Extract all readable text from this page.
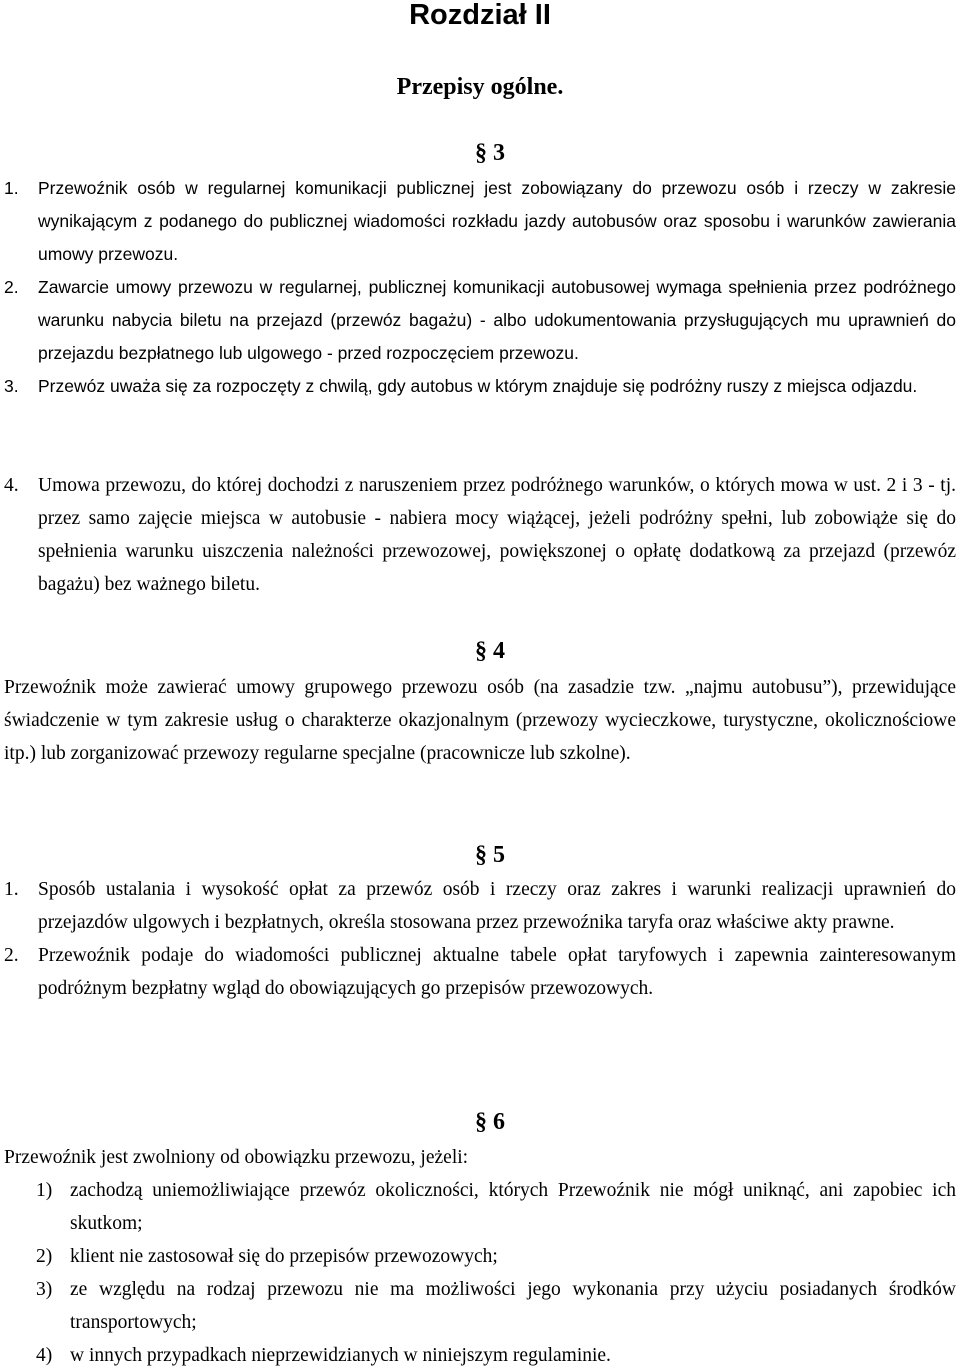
Rozdział II
Przepisy ogólne.
§ 3
1. Przewoźnik osób w regularnej komunikacji publicznej jest zobowiązany do przewozu osób i rzeczy w zakresie wynikającym z podanego do publicznej wiadomości rozkładu jazdy autobusów oraz sposobu i warunków zawierania umowy przewozu.
2. Zawarcie umowy przewozu w regularnej, publicznej komunikacji autobusowej wymaga spełnienia przez podróżnego warunku nabycia biletu na przejazd (przewóz bagażu) - albo udokumentowania przysługujących mu uprawnień do przejazdu bezpłatnego lub ulgowego - przed rozpoczęciem przewozu.
3. Przewóz uważa się za rozpoczęty z chwilą, gdy autobus w którym znajduje się podróżny ruszy z miejsca odjazdu.
4. Umowa przewozu, do której dochodzi z naruszeniem przez podróżnego warunków, o których mowa w ust. 2 i 3 - tj. przez samo zajęcie miejsca w autobusie - nabiera mocy wiążącej, jeżeli podróżny spełni, lub zobowiąże się do spełnienia warunku uiszczenia należności przewozowej, powiększonej o opłatę dodatkową za przejazd (przewóz bagażu) bez ważnego biletu.
§ 4
Przewoźnik może zawierać umowy grupowego przewozu osób (na zasadzie tzw. „najmu autobusu”), przewidujące świadczenie w tym zakresie usług o charakterze okazjonalnym (przewozy wycieczkowe, turystyczne, okolicznościowe itp.) lub zorganizować przewozy regularne specjalne (pracownicze lub szkolne).
§ 5
1. Sposób ustalania i wysokość opłat za przewóz osób i rzeczy oraz zakres i warunki realizacji uprawnień do przejazdów ulgowych i bezpłatnych, określa stosowana przez przewoźnika taryfa oraz właściwe akty prawne.
2. Przewoźnik podaje do wiadomości publicznej aktualne tabele opłat taryfowych i zapewnia zainteresowanym podróżnym bezpłatny wgląd do obowiązujących go przepisów przewozowych.
§ 6
Przewoźnik jest zwolniony od obowiązku przewozu, jeżeli:
1) zachodzą uniemożliwiające przewóz okoliczności, których Przewoźnik nie mógł uniknąć, ani zapobiec ich skutkom;
2) klient nie zastosował się do przepisów przewozowych;
3) ze względu na rodzaj przewozu nie ma możliwości jego wykonania przy użyciu posiadanych środków transportowych;
4) w innych przypadkach nieprzewidzianych w niniejszym regulaminie.
